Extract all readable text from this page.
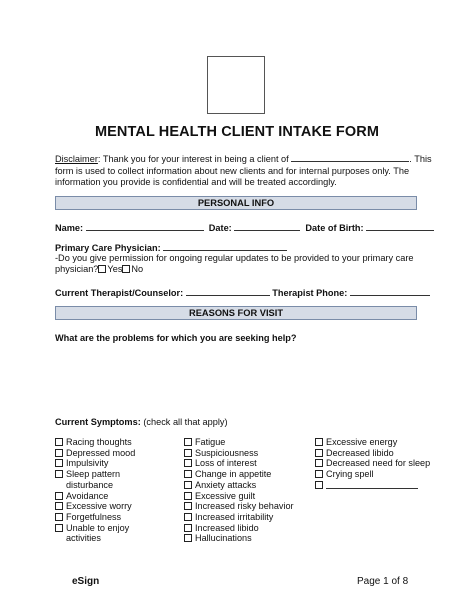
MENTAL HEALTH CLIENT INTAKE FORM
Disclaimer: Thank you for your interest in being a client of	. This
form is used to collect information about new clients and for internal purposes only. The
information you provide is confidential and will be treated accordingly.
PERSONAL INFO
Name:	Date:	Date of Birth:
Primary Care Physician:
-Do you give permission for ongoing regular updates to be provided to your primary care
physician? Yes No
Current Therapist/Counselor:	Therapist Phone:
REASONS FOR VISIT
What are the problems for which you are seeking help?
Current Symptoms: (check all that apply)
Racing thoughts
Depressed mood
Impulsivity
Sleep pattern
disturbance
Avoidance
Excessive worry
Forgetfulness
Unable to enjoy
activities
Fatigue
Suspiciousness
Loss of interest
Change in appetite
Anxiety attacks
Excessive guilt
Increased risky behavior
Increased irritability
Increased libido
Hallucinations
Excessive energy
Decreased libido
Decreased need for sleep
Crying spell
eSign	Page 1 of 8
